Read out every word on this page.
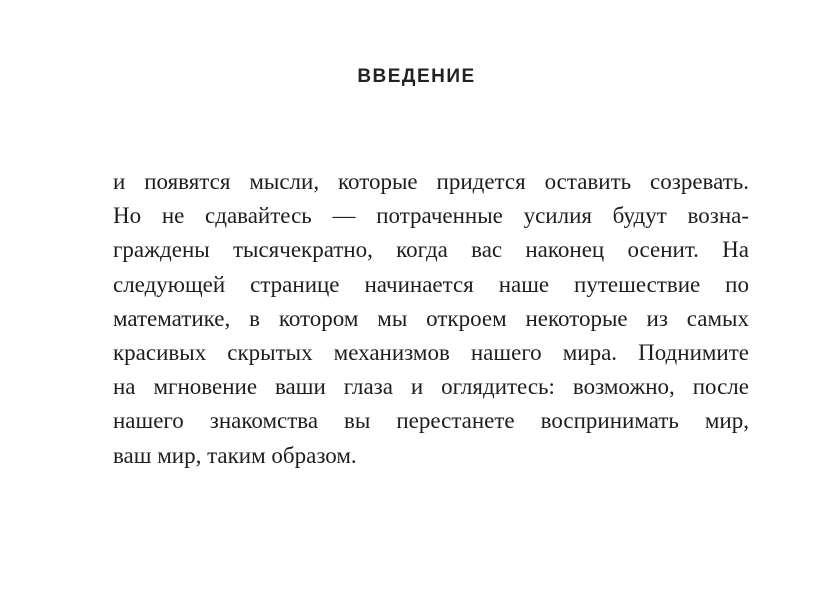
ВВЕДЕНИЕ
и появятся мысли, которые придется оставить созревать.
Но не сдавайтесь — потраченные усилия будут возна-
граждены тысячекратно, когда вас наконец осенит. На
следующей странице начинается наше путешествие по
математике, в котором мы откроем некоторые из самых
красивых скрытых механизмов нашего мира. Поднимите
на мгновение ваши глаза и оглядитесь: возможно, после
нашего знакомства вы перестанете воспринимать мир,
ваш мир, таким образом.
